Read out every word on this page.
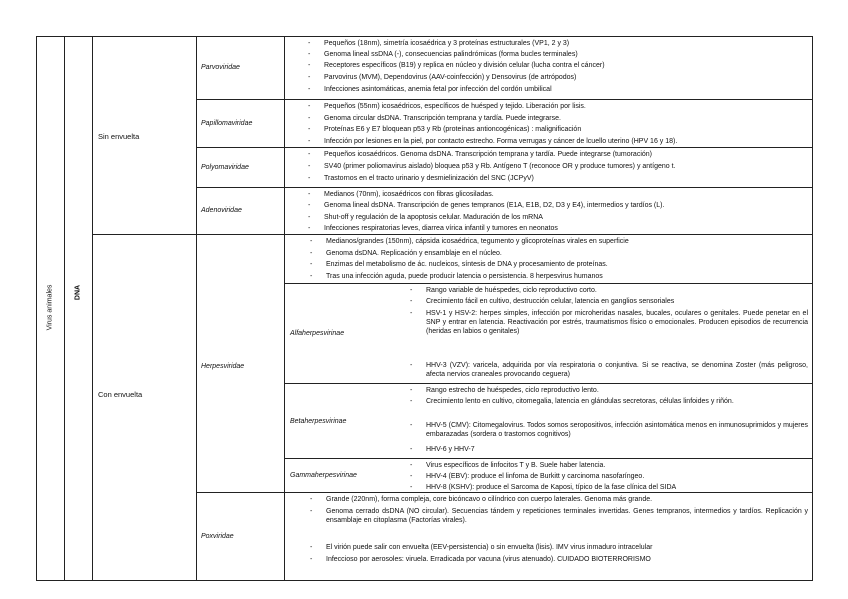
Virus animales	DNA
Sin envuelta
Con envuelta
Parvoviridae
Papillomaviridae
Polyomaviridae
Adenoviridae
Herpesviridae
Poxviridae
Alfaherpesvirinae
Betaherpesvirinae
Gammaherpesvirinae
- Pequeños (18nm), simetría icosaédrica y 3 proteínas estructurales (VP1, 2 y 3)
- Genoma lineal ssDNA (-), consecuencias palindrómicas (forma bucles terminales)
- Receptores específicos (B19) y replica en núcleo y división celular (lucha contra el cáncer)
- Parvovirus (MVM), Dependovirus (AAV-coinfección) y Densovirus (de artrópodos)
- Infecciones asintomáticas, anemia fetal por infección del cordón umbilical
- Pequeños (55nm) icosaédricos, específicos de huésped y tejido. Liberación por lisis.
- Genoma circular dsDNA. Transcripción temprana y tardía. Puede integrarse.
- Proteínas E6 y E7 bloquean p53 y Rb (proteínas antioncogénicas) : malignificación
- Infección por lesiones en la piel, por contacto estrecho. Forma verrugas y cáncer de lcuello uterino (HPV 16 y 18).
- Pequeños icosaédricos. Genoma dsDNA. Transcripción temprana y tardía. Puede integrarse (tumoración)
- SV40 (primer poliomavirus aislado) bloquea p53 y Rb. Antígeno T (reconoce OR y produce tumores) y antígeno t.
- Trastornos en el tracto urinario y desmielinización del SNC (JCPyV)
- Medianos (70nm), icosaédricos con fibras glicosiladas.
- Genoma lineal dsDNA. Transcripción de genes tempranos (E1A, E1B, D2, D3 y E4), intermedios y tardíos (L).
- Shut-off y regulación de la apoptosis celular. Maduración de los mRNA
- Infecciones respiratorias leves, diarrea vírica infantil y tumores en neonatos
- Medianos/grandes (150nm), cápsida icosaédrica, tegumento y glicoproteínas virales en superficie
- Genoma dsDNA. Replicación y ensamblaje en el núcleo.
- Enzimas del metabolismo de ác. nucleicos, síntesis de DNA y procesamiento de proteínas.
- Tras una infección aguda, puede producir latencia o persistencia. 8 herpesvirus humanos
- Rango variable de huéspedes, ciclo reproductivo corto.
- Crecimiento fácil en cultivo, destrucción celular, latencia en ganglios sensoriales
- HSV-1 y HSV-2: herpes simples, infección por microheridas nasales, bucales, oculares o genitales. Puede penetar en el SNP y entrar en latencia. Reactivación por estrés, traumatismos físico o emocionales. Producen episodios de recurrencia (heridas en labios o genitales)
- HHV-3 (VZV): varicela, adquirida por vía respiratoria o conjuntiva. Si se reactiva, se denomina Zoster (más peligroso, afecta nervios craneales provocando ceguera)
- Rango estrecho de huéspedes, ciclo reproductivo lento.
- Crecimiento lento en cultivo, citomegalia, latencia en glándulas secretoras, células linfoides y riñón.
- HHV-5 (CMV): Citomegalovirus. Todos somos seropositivos, infección asintomática menos en inmunosuprimidos y mujeres embarazadas (sordera o trastornos cognitivos)
- HHV-6 y HHV-7
- Virus específicos de linfocitos T y B. Suele haber latencia.
- HHV-4 (EBV): produce el linfoma de Burkitt y carcinoma nasofaríngeo.
- HHV-8 (KSHV): produce el Sarcoma de Kaposi, típico de la fase clínica del SIDA
- Grande (220nm), forma compleja, core bicóncavo o cilíndrico con cuerpo laterales. Genoma más grande.
- Genoma cerrado dsDNA (NO circular). Secuencias tándem y repeticiones terminales invertidas. Genes tempranos, intermedios y tardíos. Replicación y ensamblaje en citoplasma (Factorías virales).
- El virión puede salir con envuelta (EEV-persistencia) o sin envuelta (lisis). IMV virus inmaduro intracelular
- Infeccioso por aerosoles: viruela. Erradicada por vacuna (virus atenuado). CUIDADO BIOTERRORISMO
